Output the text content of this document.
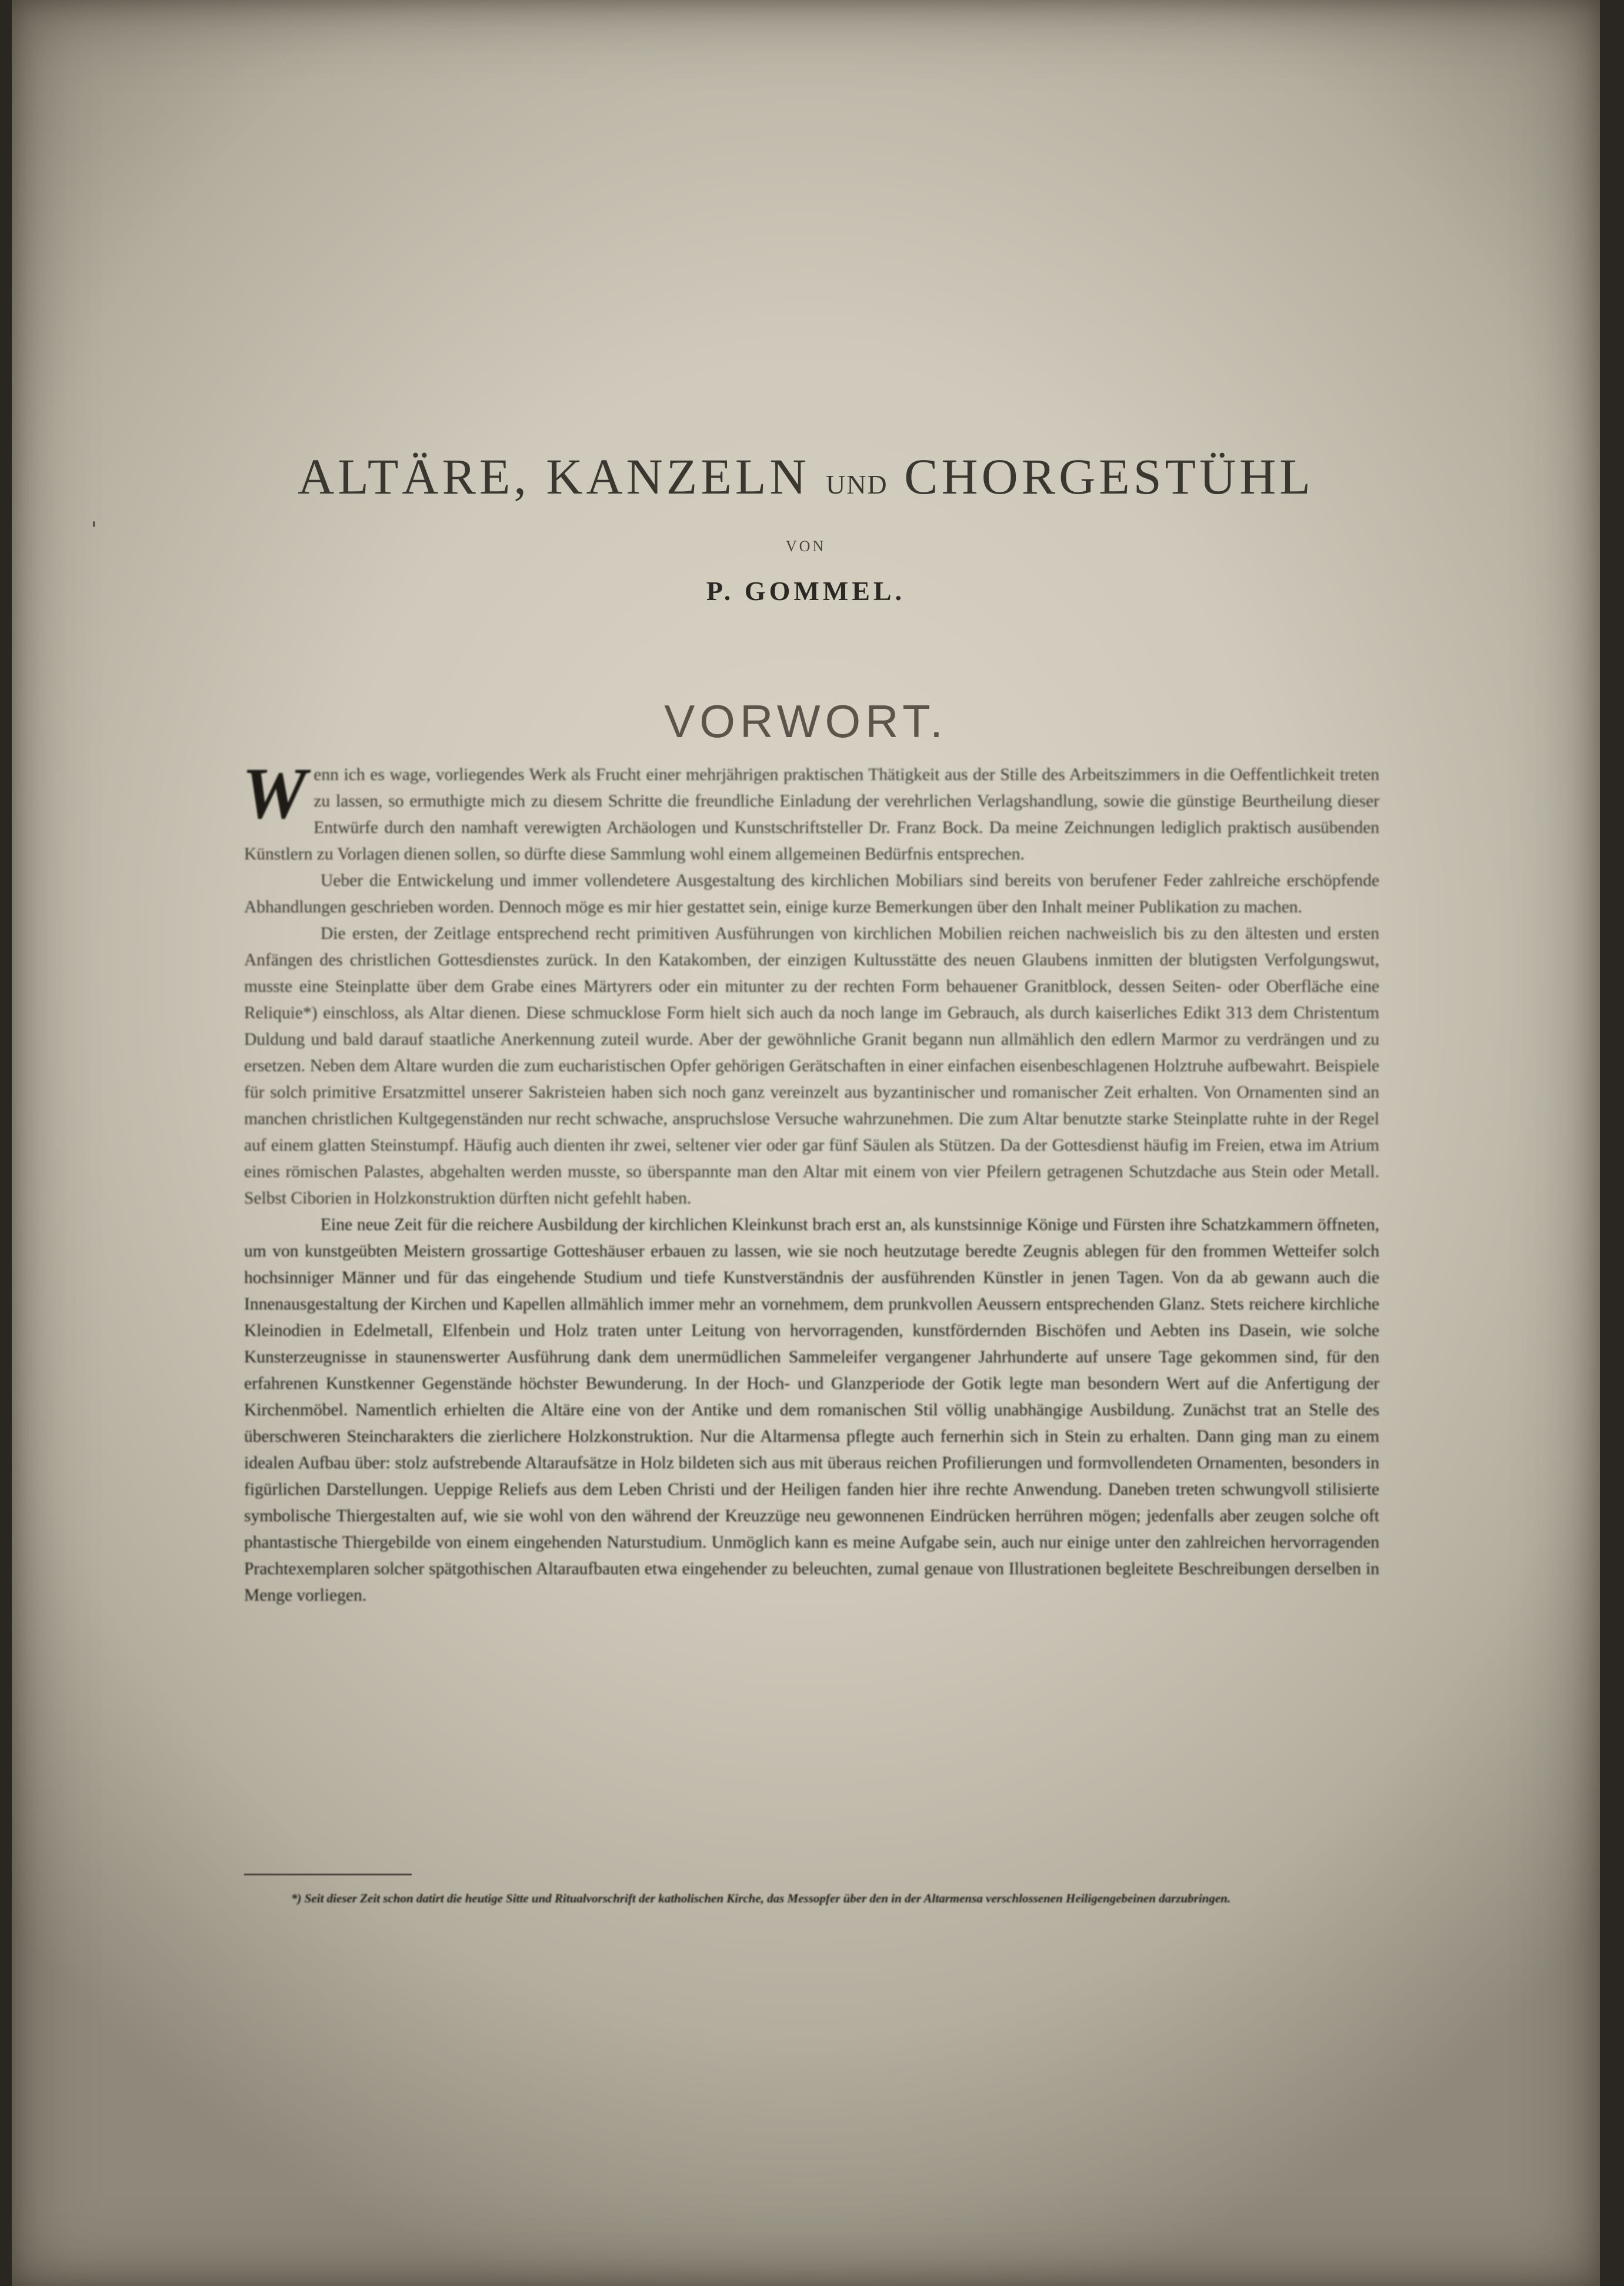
'
ALTÄRE, KANZELN UND CHORGESTÜHL
VON
P. GOMMEL.
VORWORT.

Wenn ich es wage, vorliegendes Werk als Frucht einer mehrjährigen praktischen Thätigkeit aus der Stille des Arbeitszimmers in die Oeffentlichkeit treten zu lassen, so ermuthigte mich zu diesem Schritte die freundliche Einladung der verehrlichen Verlagshandlung, sowie die günstige Beurtheilung dieser Entwürfe durch den namhaft verewigten Archäologen und Kunstschriftsteller Dr. Franz Bock. Da meine Zeichnungen lediglich praktisch ausübenden Künstlern zu Vorlagen dienen sollen, so dürfte diese Sammlung wohl einem allgemeinen Bedürfnis entsprechen.

Ueber die Entwickelung und immer vollendetere Ausgestaltung des kirchlichen Mobiliars sind bereits von berufener Feder zahlreiche erschöpfende Abhandlungen geschrieben worden. Dennoch möge es mir hier gestattet sein, einige kurze Bemerkungen über den Inhalt meiner Publikation zu machen.

Die ersten, der Zeitlage entsprechend recht primitiven Ausführungen von kirchlichen Mobilien reichen nachweislich bis zu den ältesten und ersten Anfängen des christlichen Gottesdienstes zurück. In den Katakomben, der einzigen Kultusstätte des neuen Glaubens inmitten der blutigsten Verfolgungswut, musste eine Steinplatte über dem Grabe eines Märtyrers oder ein mitunter zu der rechten Form behauener Granitblock, dessen Seiten- oder Oberfläche eine Reliquie*) einschloss, als Altar dienen. Diese schmucklose Form hielt sich auch da noch lange im Gebrauch, als durch kaiserliches Edikt 313 dem Christentum Duldung und bald darauf staatliche Anerkennung zuteil wurde. Aber der gewöhnliche Granit begann nun allmählich den edlern Marmor zu verdrängen und zu ersetzen. Neben dem Altare wurden die zum eucharistischen Opfer gehörigen Gerätschaften in einer einfachen eisenbeschlagenen Holztruhe aufbewahrt. Beispiele für solch primitive Ersatzmittel unserer Sakristeien haben sich noch ganz vereinzelt aus byzantinischer und romanischer Zeit erhalten. Von Ornamenten sind an manchen christlichen Kultgegenständen nur recht schwache, anspruchslose Versuche wahrzunehmen. Die zum Altar benutzte starke Steinplatte ruhte in der Regel auf einem glatten Steinstumpf. Häufig auch dienten ihr zwei, seltener vier oder gar fünf Säulen als Stützen. Da der Gottesdienst häufig im Freien, etwa im Atrium eines römischen Palastes, abgehalten werden musste, so überspannte man den Altar mit einem von vier Pfeilern getragenen Schutzdache aus Stein oder Metall. Selbst Ciborien in Holzkonstruktion dürften nicht gefehlt haben.

Eine neue Zeit für die reichere Ausbildung der kirchlichen Kleinkunst brach erst an, als kunstsinnige Könige und Fürsten ihre Schatzkammern öffneten, um von kunstgeübten Meistern grossartige Gotteshäuser erbauen zu lassen, wie sie noch heutzutage beredte Zeugnis ablegen für den frommen Wetteifer solch hochsinniger Männer und für das eingehende Studium und tiefe Kunstverständnis der ausführenden Künstler in jenen Tagen. Von da ab gewann auch die Innenausgestaltung der Kirchen und Kapellen allmählich immer mehr an vornehmem, dem prunkvollen Aeussern entsprechenden Glanz. Stets reichere kirchliche Kleinodien in Edelmetall, Elfenbein und Holz traten unter Leitung von hervorragenden, kunstfördernden Bischöfen und Aebten ins Dasein, wie solche Kunsterzeugnisse in staunenswerter Ausführung dank dem unermüdlichen Sammeleifer vergangener Jahrhunderte auf unsere Tage gekommen sind, für den erfahrenen Kunstkenner Gegenstände höchster Bewunderung. In der Hoch- und Glanzperiode der Gotik legte man besondern Wert auf die Anfertigung der Kirchenmöbel. Namentlich erhielten die Altäre eine von der Antike und dem romanischen Stil völlig unabhängige Ausbildung. Zunächst trat an Stelle des überschweren Steincharakters die zierlichere Holzkonstruktion. Nur die Altarmensa pflegte auch fernerhin sich in Stein zu erhalten. Dann ging man zu einem idealen Aufbau über: stolz aufstrebende Altaraufsätze in Holz bildeten sich aus mit überaus reichen Profilierungen und formvollendeten Ornamenten, besonders in figürlichen Darstellungen. Ueppige Reliefs aus dem Leben Christi und der Heiligen fanden hier ihre rechte Anwendung. Daneben treten schwungvoll stilisierte symbolische Thiergestalten auf, wie sie wohl von den während der Kreuzzüge neu gewonnenen Eindrücken herrühren mögen; jedenfalls aber zeugen solche oft phantastische Thiergebilde von einem eingehenden Naturstudium. Unmöglich kann es meine Aufgabe sein, auch nur einige unter den zahlreichen hervorragenden Prachtexemplaren solcher spätgothischen Altaraufbauten etwa eingehender zu beleuchten, zumal genaue von Illustrationen begleitete Beschreibungen derselben in Menge vorliegen.

*) Seit dieser Zeit schon datirt die heutige Sitte und Ritualvorschrift der katholischen Kirche, das Messopfer über den in der Altarmensa verschlossenen Heiligengebeinen darzubringen.
